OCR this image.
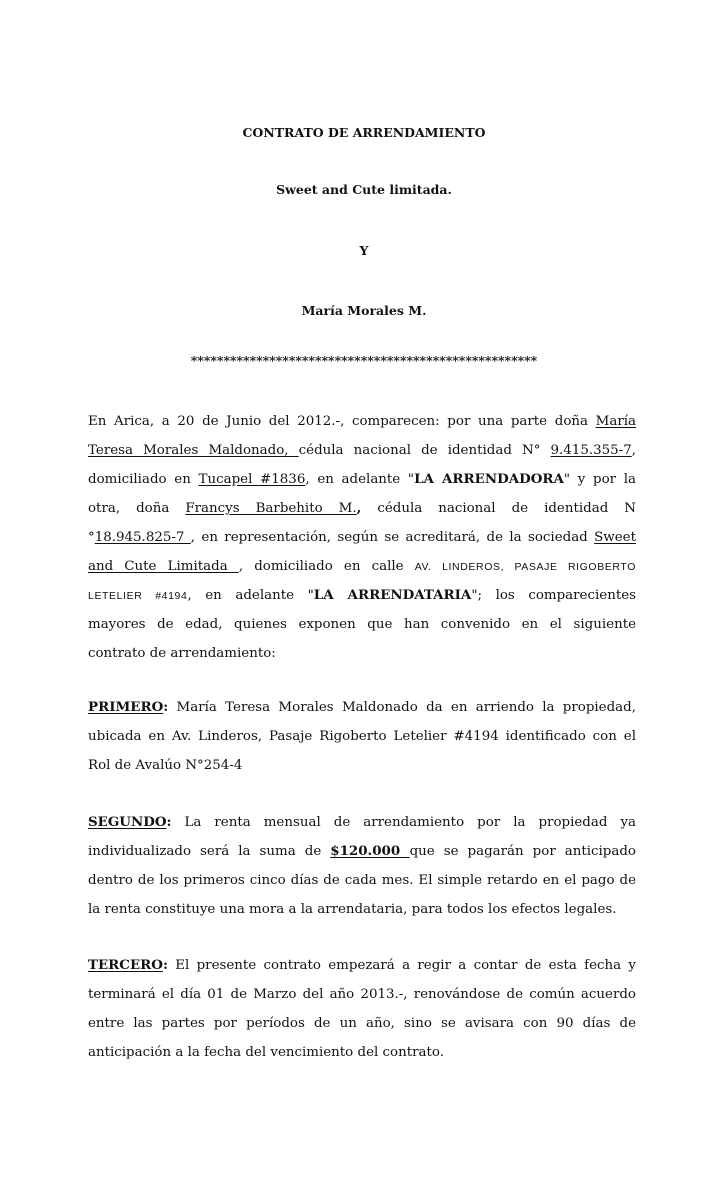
CONTRATO DE ARRENDAMIENTO
Sweet and Cute limitada.
Y
María Morales M.
*****************************************************
En Arica, a 20 de Junio del 2012.-, comparecen: por una parte doña María
Teresa Morales Maldonado, cédula nacional de identidad N° 9.415.355-7,
domiciliado en Tucapel #1836, en adelante "LA ARRENDADORA" y por la
otra, doña Francys Barbehito M., cédula nacional de identidad N
°18.945.825-7 , en representación, según se acreditará, de la sociedad Sweet
and Cute Limitada , domiciliado en calle AV. LINDEROS, PASAJE RIGOBERTO
LETELIER #4194, en adelante "LA ARRENDATARIA"; los comparecientes
mayores de edad, quienes exponen que han convenido en el siguiente
contrato de arrendamiento:
PRIMERO: María Teresa Morales Maldonado da en arriendo la propiedad,
ubicada en Av. Linderos, Pasaje Rigoberto Letelier #4194 identificado con el
Rol de Avalúo N°254-4
SEGUNDO: La renta mensual de arrendamiento por la propiedad ya
individualizado será la suma de $120.000 que se pagarán por anticipado
dentro de los primeros cinco días de cada mes. El simple retardo en el pago de
la renta constituye una mora a la arrendataria, para todos los efectos legales.
TERCERO: El presente contrato empezará a regir a contar de esta fecha y
terminará el día 01 de Marzo del año 2013.-, renovándose de común acuerdo
entre las partes por períodos de un año, sino se avisara con 90 días de
anticipación a la fecha del vencimiento del contrato.
